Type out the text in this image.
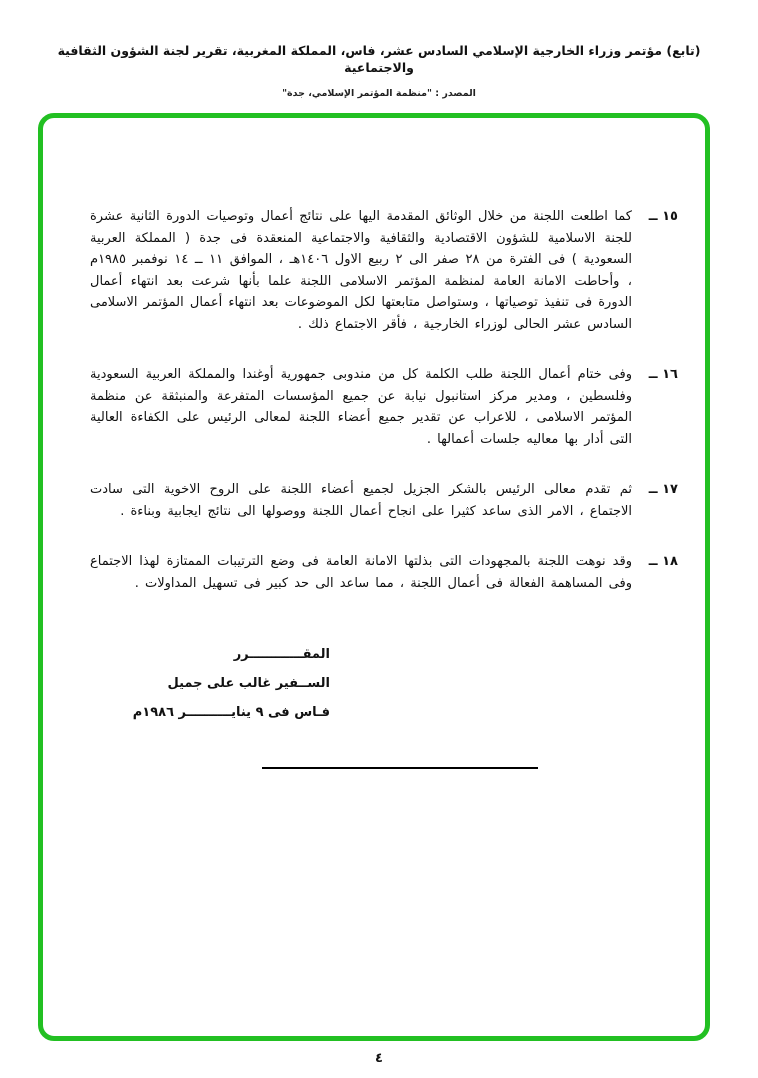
(تابع) مؤتمر وزراء الخارجية الإسلامي السادس عشر، فاس، المملكة المغربية، تقرير لجنة الشؤون الثقافية والاجتماعية
المصدر : "منظمة المؤتمر الإسلامي، جدة"
١٥ ــ
كما اطلعت اللجنة من خلال الوثائق المقدمة اليها على نتائج أعمال وتوصيات الدورة الثانية عشرة للجنة الاسلامية للشؤون الاقتصادية والثقافية والاجتماعية المنعقدة فى جدة ( المملكة العربية السعودية ) فى الفترة من ٢٨ صفر الى ٢ ربيع الاول ١٤٠٦هـ ، الموافق ١١ ــ ١٤ نوفمبر ١٩٨٥م ، وأحاطت الامانة العامة لمنظمة المؤتمر الاسلامى اللجنة علما بأنها شرعت بعد انتهاء أعمال الدورة فى تنفيذ توصياتها ، وستواصل متابعتها لكل الموضوعات بعد انتهاء أعمال المؤتمر الاسلامى السادس عشر الحالى لوزراء الخارجية ، فأقر الاجتماع ذلك .
١٦ ــ
وفى ختام أعمال اللجنة طلب الكلمة كل من مندوبى جمهورية أوغندا والمملكة العربية السعودية وفلسطين ، ومدير مركز استانبول نيابة عن جميع المؤسسات المتفرعة والمنبثقة عن منظمة المؤتمر الاسلامى ، للاعراب عن تقدير جميع أعضاء اللجنة لمعالى الرئيس على الكفاءة العالية التى أدار بها معاليه جلسات أعمالها .
١٧ ــ
ثم تقدم معالى الرئيس بالشكر الجزيل لجميع أعضاء اللجنة على الروح الاخوية التى سادت الاجتماع ، الامر الذى ساعد كثيرا على انجاح أعمال اللجنة ووصولها الى نتائج ايجابية وبناءة .
١٨ ــ
وقد نوهت اللجنة بالمجهودات التى بذلتها الامانة العامة فى وضع الترتيبات الممتازة لهذا الاجتماع وفى المساهمة الفعالة فى أعمال اللجنة ، مما ساعد الى حد كبير فى تسهيل المداولات .
المقــــــــــــرر
الســفير غالب على جميل
فـاس فى ٩ ينايــــــــــر ١٩٨٦م
٤
